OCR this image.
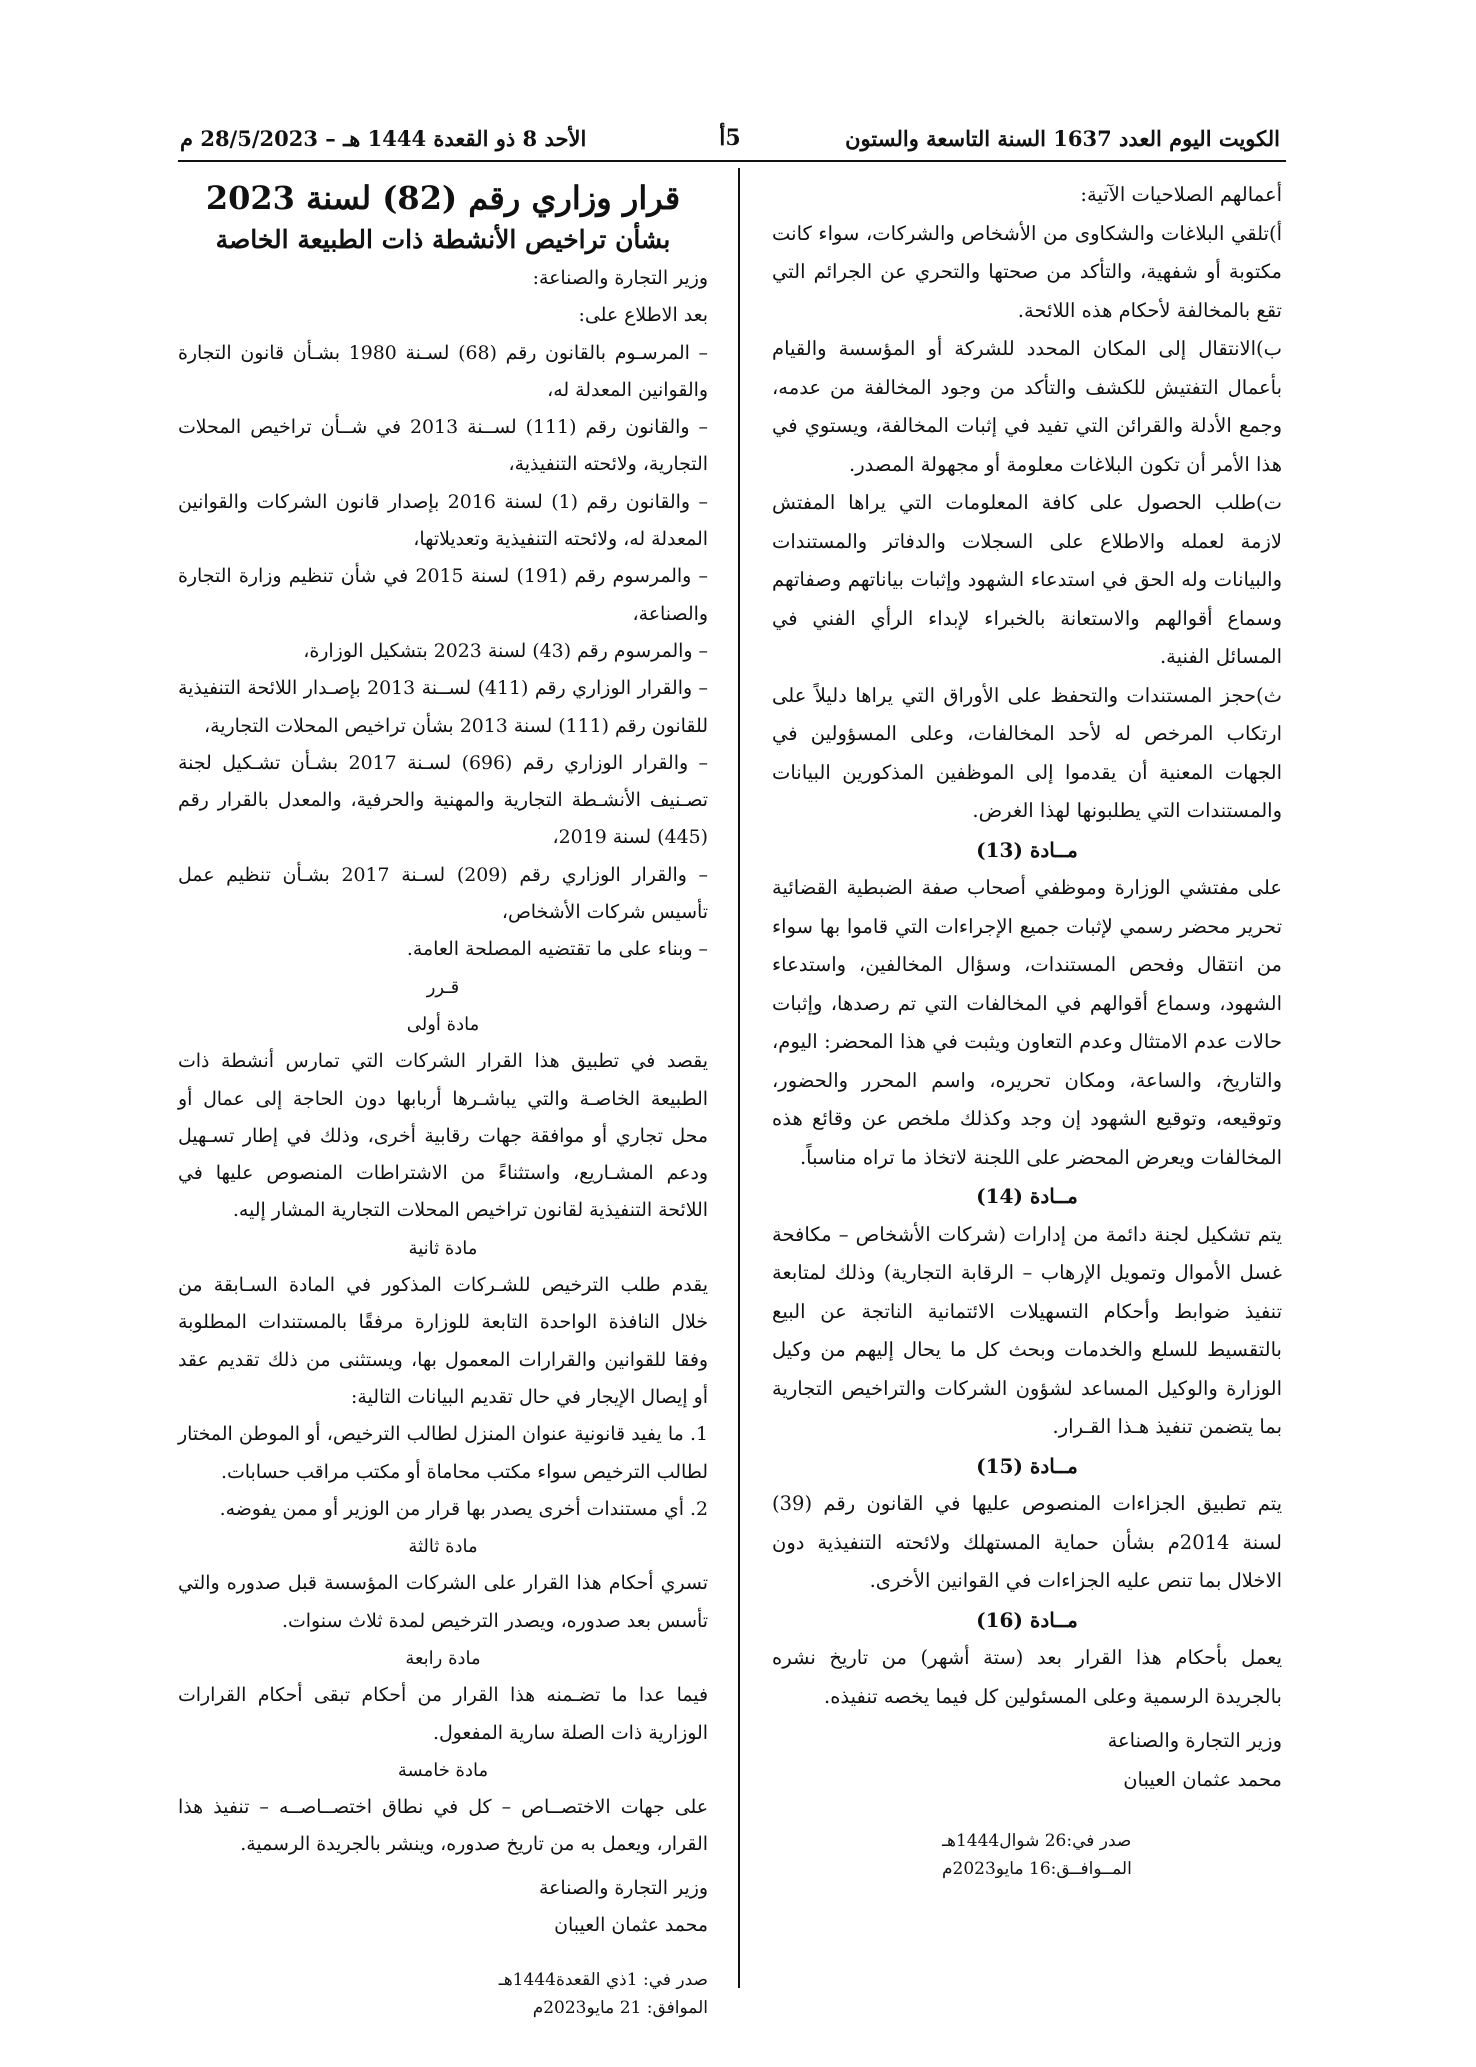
الكويت اليوم العدد 1637 السنة التاسعة والستون
5أ
الأحد 8 ذو القعدة 1444 هـ – 28/5/2023 م

أعمالهم الصلاحيات الآتية:

أ)تلقي البلاغات والشكاوى من الأشخاص والشركات، سواء كانت مكتوبة أو شفهية، والتأكد من صحتها والتحري عن الجرائم التي تقع بالمخالفة لأحكام هذه اللائحة.

ب)الانتقال إلى المكان المحدد للشركة أو المؤسسة والقيام بأعمال التفتيش للكشف والتأكد من وجود المخالفة من عدمه، وجمع الأدلة والقرائن التي تفيد في إثبات المخالفة، ويستوي في هذا الأمر أن تكون البلاغات معلومة أو مجهولة المصدر.

ت)طلب الحصول على كافة المعلومات التي يراها المفتش لازمة لعمله والاطلاع على السجلات والدفاتر والمستندات والبيانات وله الحق في استدعاء الشهود وإثبات بياناتهم وصفاتهم وسماع أقوالهم والاستعانة بالخبراء لإبداء الرأي الفني في المسائل الفنية.

ث)حجز المستندات والتحفظ على الأوراق التي يراها دليلاً على ارتكاب المرخص له لأحد المخالفات، وعلى المسؤولين في الجهات المعنية أن يقدموا إلى الموظفين المذكورين البيانات والمستندات التي يطلبونها لهذا الغرض.

مــادة (13)

على مفتشي الوزارة وموظفي أصحاب صفة الضبطية القضائية تحرير محضر رسمي لإثبات جميع الإجراءات التي قاموا بها سواء من انتقال وفحص المستندات، وسؤال المخالفين، واستدعاء الشهود، وسماع أقوالهم في المخالفات التي تم رصدها، وإثبات حالات عدم الامتثال وعدم التعاون ويثبت في هذا المحضر: اليوم، والتاريخ، والساعة، ومكان تحريره، واسم المحرر والحضور، وتوقيعه، وتوقيع الشهود إن وجد وكذلك ملخص عن وقائع هذه المخالفات ويعرض المحضر على اللجنة لاتخاذ ما تراه مناسباً.

مــادة (14)

يتم تشكيل لجنة دائمة من إدارات (شركات الأشخاص – مكافحة غسل الأموال وتمويل الإرهاب – الرقابة التجارية) وذلك لمتابعة تنفيذ ضوابط وأحكام التسهيلات الائتمانية الناتجة عن البيع بالتقسيط للسلع والخدمات وبحث كل ما يحال إليهم من وكيل الوزارة والوكيل المساعد لشؤون الشركات والتراخيص التجارية بما يتضمن تنفيذ هـذا القـرار.

مــادة (15)

يتم تطبيق الجزاءات المنصوص عليها في القانون رقم (39) لسنة 2014م بشأن حماية المستهلك ولائحته التنفيذية دون الاخلال بما تنص عليه الجزاءات في القوانين الأخرى.

مــادة (16)

يعمل بأحكام هذا القرار بعد (ستة أشهر) من تاريخ نشره بالجريدة الرسمية وعلى المسئولين كل فيما يخصه تنفيذه.

وزير التجارة والصناعة

محمد عثمان العيبان

صدر في:26 شوال1444هـ

المــوافــق:16 مايو2023م

قرار وزاري رقم (82) لسنة 2023

بشأن تراخيص الأنشطة ذات الطبيعة الخاصة

وزير التجارة والصناعة:

بعد الاطلاع على:

– المرسـوم بالقانون رقم (68) لسـنة 1980 بشـأن قانون التجارة والقوانين المعدلة له،

– والقانون رقم (111) لســنة 2013 في شــأن تراخيص المحلات التجارية، ولائحته التنفيذية،

– والقانون رقم (1) لسنة 2016 بإصدار قانون الشركات والقوانين المعدلة له، ولائحته التنفيذية وتعديلاتها،

– والمرسوم رقم (191) لسنة 2015 في شأن تنظيم وزارة التجارة والصناعة،

– والمرسوم رقم (43) لسنة 2023 بتشكيل الوزارة،

– والقرار الوزاري رقم (411) لســنة 2013 بإصـدار اللائحة التنفيذية للقانون رقم (111) لسنة 2013 بشأن تراخيص المحلات التجارية،

– والقرار الوزاري رقم (696) لسـنة 2017 بشـأن تشـكيل لجنة تصـنيف الأنشـطة التجارية والمهنية والحرفية، والمعدل بالقرار رقم (445) لسنة 2019،

– والقرار الوزاري رقم (209) لسـنة 2017 بشـأن تنظيم عمل تأسيس شركات الأشخاص،

– وبناء على ما تقتضيه المصلحة العامة.

قـرر

مادة أولى

يقصد في تطبيق هذا القرار الشركات التي تمارس أنشطة ذات الطبيعة الخاصـة والتي يباشـرها أربابها دون الحاجة إلى عمال أو محل تجاري أو موافقة جهات رقابية أخرى، وذلك في إطار تسـهيل ودعم المشـاريع، واستثناءً من الاشتراطات المنصوص عليها في اللائحة التنفيذية لقانون تراخيص المحلات التجارية المشار إليه.

مادة ثانية

يقدم طلب الترخيص للشـركات المذكور في المادة السـابقة من خلال النافذة الواحدة التابعة للوزارة مرفقًا بالمستندات المطلوبة وفقا للقوانين والقرارات المعمول بها، ويستثنى من ذلك تقديم عقد أو إيصال الإيجار في حال تقديم البيانات التالية:

1. ما يفيد قانونية عنوان المنزل لطالب الترخيص، أو الموطن المختار لطالب الترخيص سواء مكتب محاماة أو مكتب مراقب حسابات.

2. أي مستندات أخرى يصدر بها قرار من الوزير أو ممن يفوضه.

مادة ثالثة

تسري أحكام هذا القرار على الشركات المؤسسة قبل صدوره والتي تأسس بعد صدوره، ويصدر الترخيص لمدة ثلاث سنوات.

مادة رابعة

فيما عدا ما تضـمنه هذا القرار من أحكام تبقى أحكام القرارات الوزارية ذات الصلة سارية المفعول.

مادة خامسة

على جهات الاختصــاص – كل في نطاق اختصــاصــه – تنفيذ هذا القرار، ويعمل به من تاريخ صدوره، وينشر بالجريدة الرسمية.

وزير التجارة والصناعة

محمد عثمان العيبان

صدر في: 1ذي القعدة1444هـ

الموافق: 21 مايو2023م
